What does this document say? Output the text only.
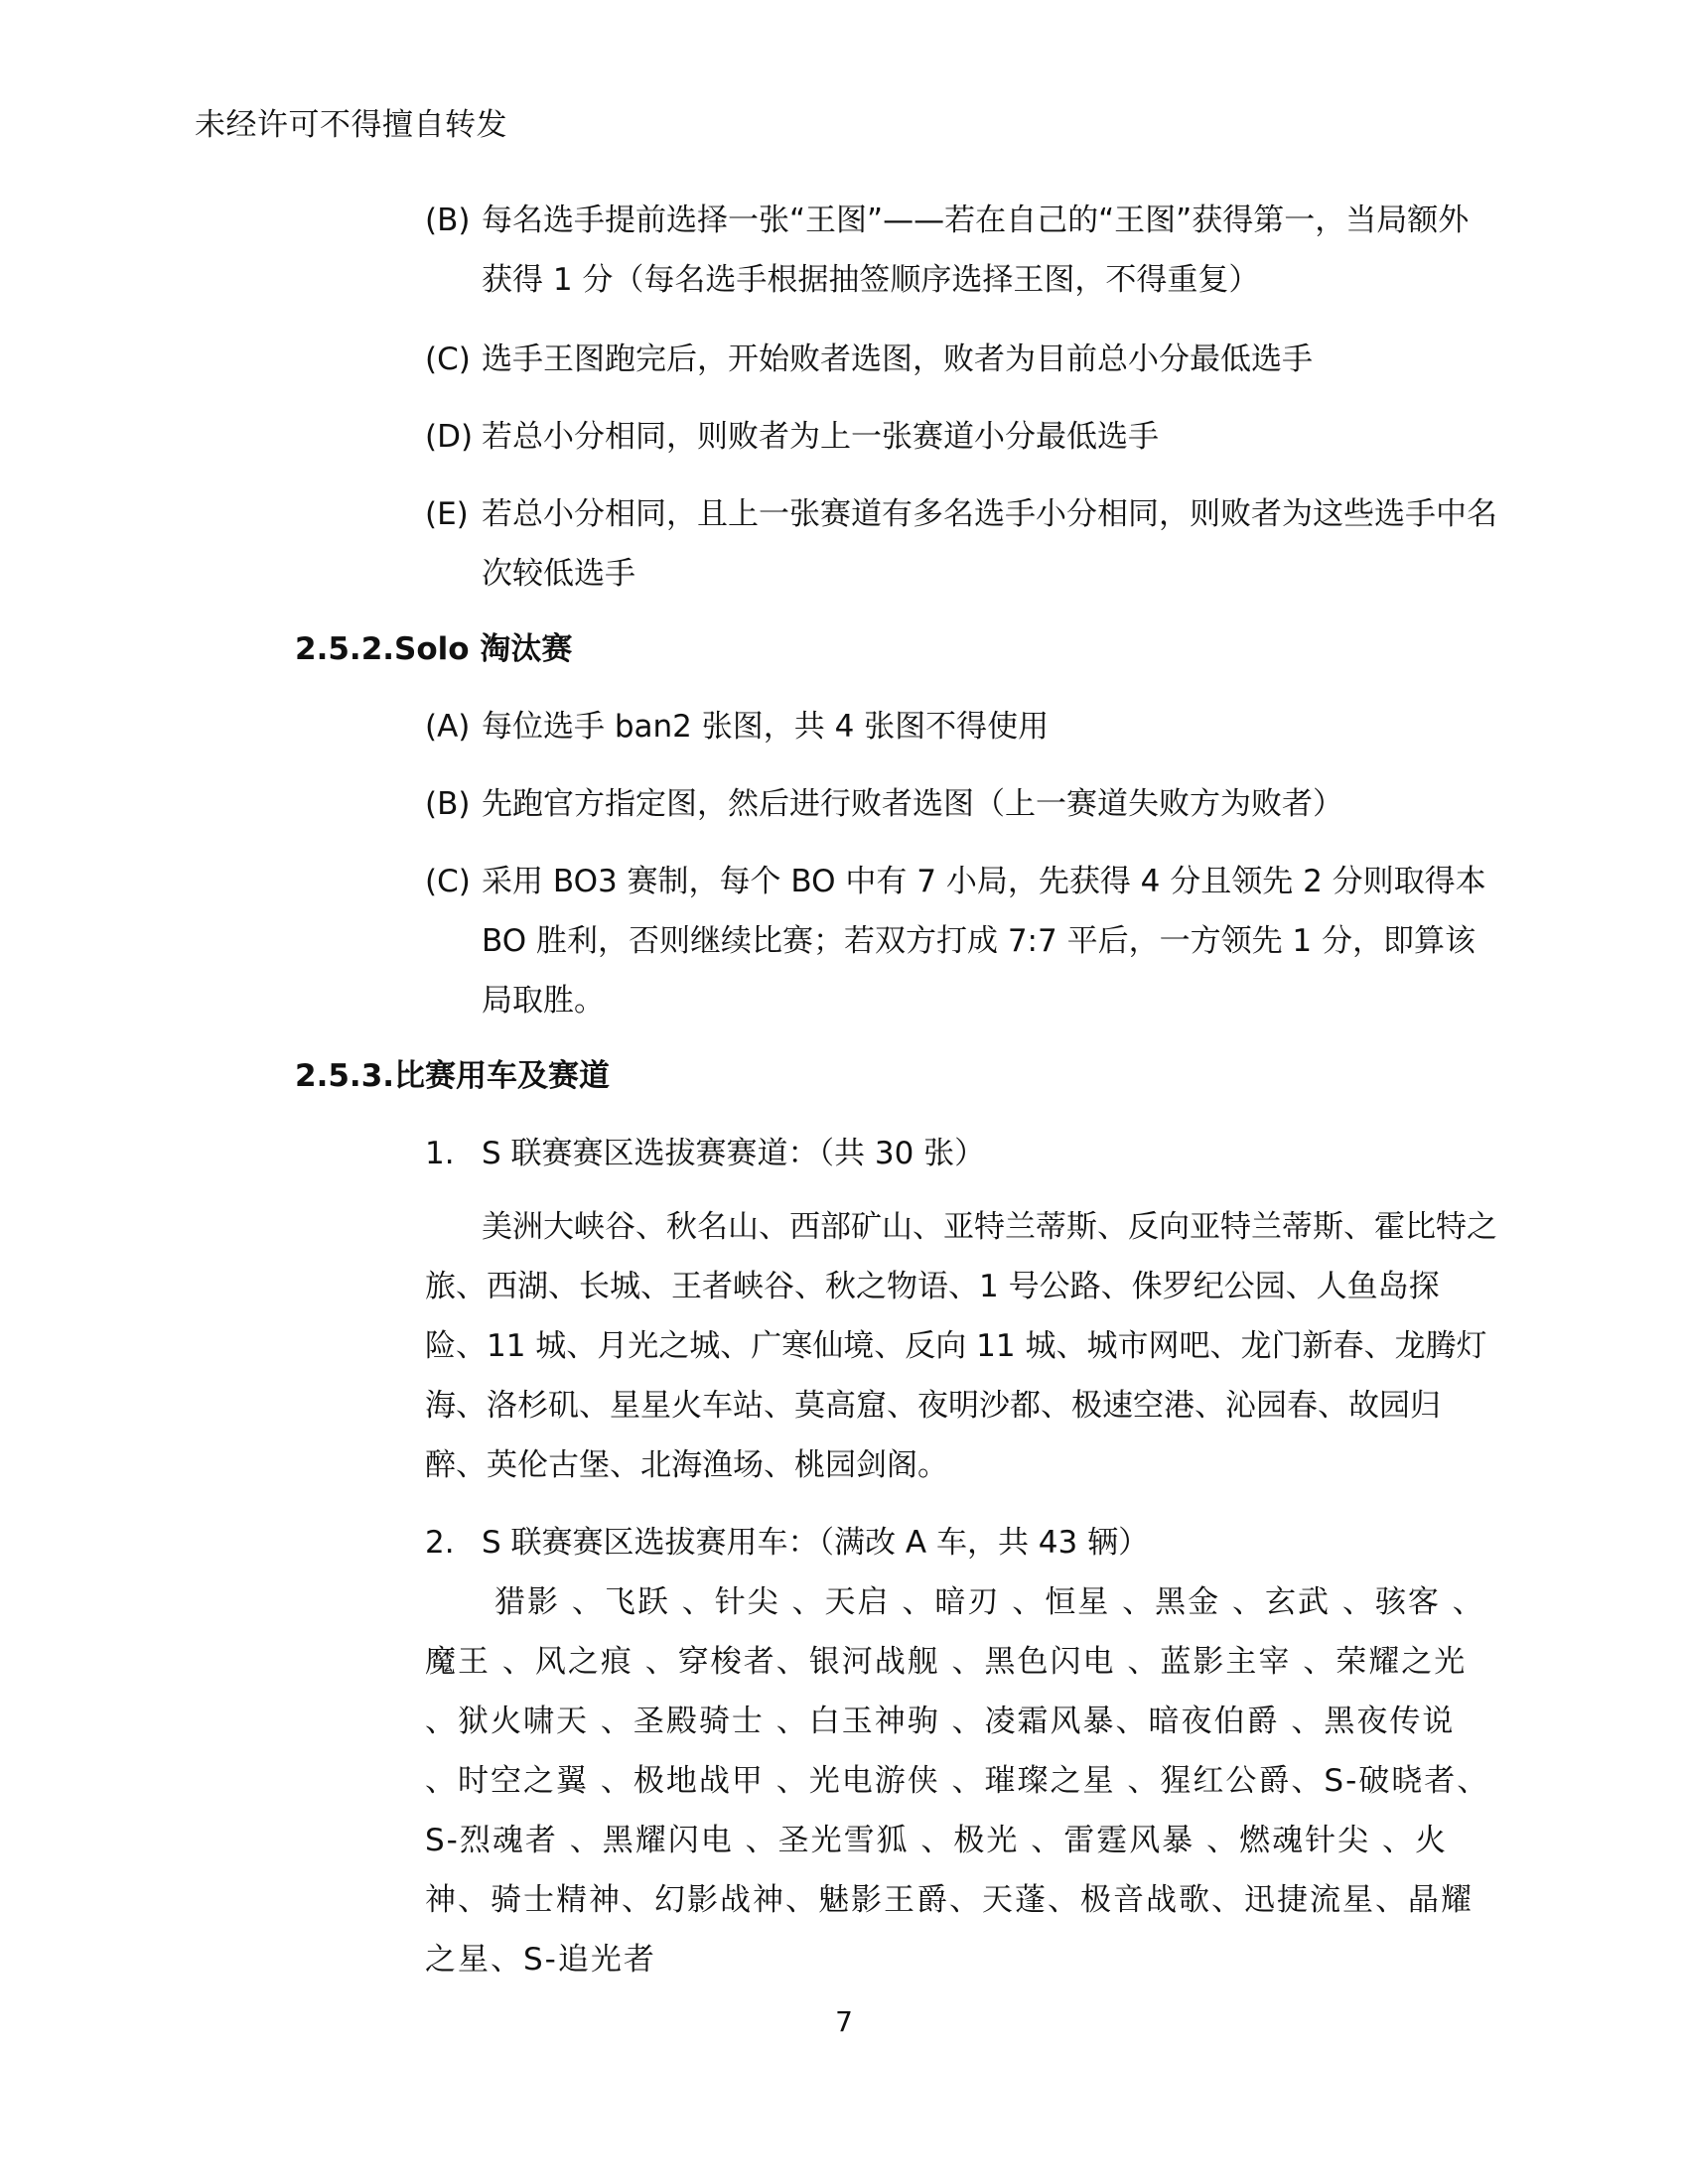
未经许可不得擅自转发
(B) 每名选手提前选择一张“王图”——若在自己的“王图”获得第一，当局额外获得 1 分（每名选手根据抽签顺序选择王图，不得重复）
(C) 选手王图跑完后，开始败者选图，败者为目前总小分最低选手
(D) 若总小分相同，则败者为上一张赛道小分最低选手
(E) 若总小分相同，且上一张赛道有多名选手小分相同，则败者为这些选手中名次较低选手
2.5.2.Solo 淘汰赛
(A) 每位选手 ban2 张图，共 4 张图不得使用
(B) 先跑官方指定图，然后进行败者选图（上一赛道失败方为败者）
(C) 采用 BO3 赛制，每个 BO 中有 7 小局，先获得 4 分且领先 2 分则取得本 BO 胜利，否则继续比赛；若双方打成 7:7 平后，一方领先 1 分，即算该局取胜。
2.5.3.比赛用车及赛道
1. S 联赛赛区选拔赛赛道：（共 30 张）
美洲大峡谷、秋名山、西部矿山、亚特兰蒂斯、反向亚特兰蒂斯、霍比特之旅、西湖、长城、王者峡谷、秋之物语、1 号公路、侏罗纪公园、人鱼岛探险、11 城、月光之城、广寒仙境、反向 11 城、城市网吧、龙门新春、龙腾灯海、洛杉矶、星星火车站、莫高窟、夜明沙都、极速空港、沁园春、故园归醉、英伦古堡、北海渔场、桃园剑阁。
2. S 联赛赛区选拔赛用车：（满改 A 车，共 43 辆）
猎影 、飞跃 、针尖 、天启 、暗刃 、恒星 、黑金 、玄武 、骇客 、魔王 、风之痕 、穿梭者、银河战舰 、黑色闪电 、蓝影主宰 、荣耀之光 、狱火啸天 、圣殿骑士 、白玉神驹 、凌霜风暴、暗夜伯爵 、黑夜传说 、时空之翼 、极地战甲 、光电游侠 、璀璨之星 、猩红公爵、S-破晓者、S-烈魂者 、黑耀闪电 、圣光雪狐 、极光 、雷霆风暴 、燃魂针尖 、火神、骑士精神、幻影战神、魅影王爵、天蓬、极音战歌、迅捷流星、晶耀之星、S-追光者
7
